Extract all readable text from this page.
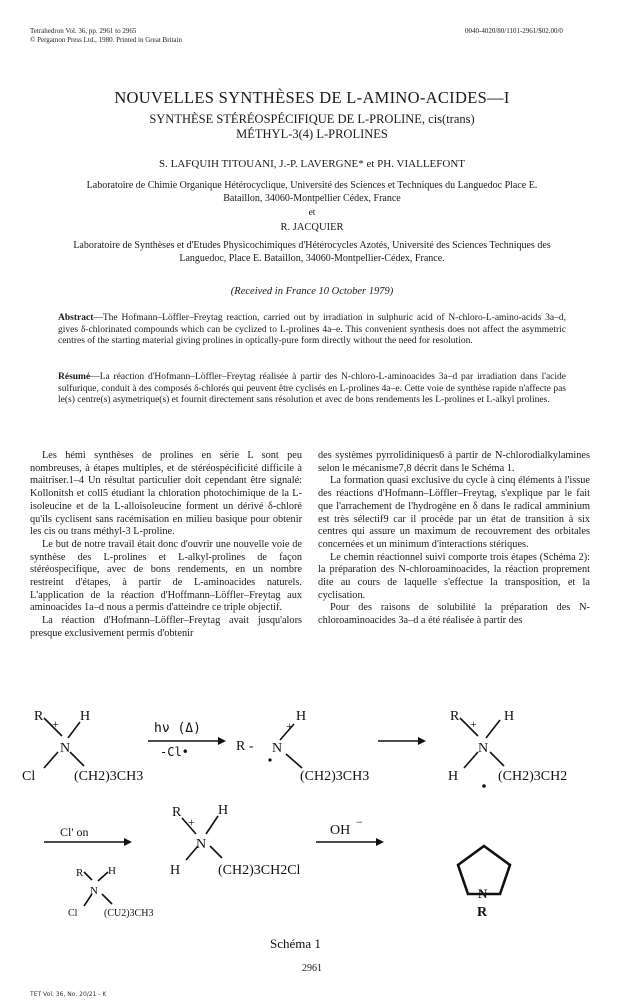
Tetrahedron Vol. 36, pp. 2961 to 2965
© Pergamon Press Ltd., 1980. Printed in Great Britain
0040-4020/80/1101-2961/$02.00/0
NOUVELLES SYNTHÈSES DE L-AMINO-ACIDES—I
SYNTHÈSE STÉRÉOSPÉCIFIQUE DE L-PROLINE, cis(trans)
MÉTHYL-3(4) L-PROLINES
S. LAFQUIH TITOUANI, J.-P. LAVERGNE* et PH. VIALLEFONT
Laboratoire de Chimie Organique Hétérocyclique, Université des Sciences et Techniques du Languedoc Place E. Bataillon, 34060-Montpellier Cédex, France
et
R. JACQUIER
Laboratoire de Synthèses et d'Etudes Physicochimiques d'Hétérocycles Azotés, Université des Sciences Techniques des Languedoc, Place E. Bataillon, 34060-Montpellier-Cédex, France.
(Received in France 10 October 1979)
Abstract—The Hofmann–Löffler–Freytag reaction, carried out by irradiation in sulphuric acid of N-chloro-L-amino-acids 3a–d, gives δ-chlorinated compounds which can be cyclized to L-prolines 4a–e. This convenient synthesis does not affect the asymmetric centres of the starting material giving prolines in optically-pure form directly without the need for resolution.
Résumé—La réaction d'Hofmann–Löffler–Freytag réalisée à partir des N-chloro-L-aminoacides 3a–d par irradiation dans l'acide sulfurique, conduit à des composés δ-chlorés qui peuvent être cyclisés en L-prolines 4a–e. Cette voie de synthèse rapide n'affecte pas le(s) centre(s) asymetrique(s) et fournit directement sans résolution et avec de bons rendements les L-prolines et L-alkyl prolines.

Les hémi synthèses de prolines en série L sont peu nombreuses, à étapes multiples, et de stéréospécificité difficile à maitriser.1–4 Un résultat particulier doit cependant être signalé: Kollonitsh et coll5 étudiant la chloration photochimique de la L-isoleucine et de la L-alloisoleucine forment un dérivé δ-chloré qu'ils cyclisent sans racémisation en milieu basique pour obtenir les cis ou trans méthyl-3 L-proline.

Le but de notre travail était donc d'ouvrir une nouvelle voie de synthèse des L-prolines et L-alkyl-prolines de façon stéréospecifique, avec de bons rendements, en un nombre restreint d'étapes, à partir de L-aminoacides naturels. L'application de la réaction d'Hoffmann–Löffler–Freytag aux aminoacides 1a–d nous a permis d'atteindre ce triple objectif.

La réaction d'Hofmann–Löffler–Freytag avait jusqu'alors presque exclusivement permis d'obtenir

des systèmes pyrrolidiniques6 à partir de N-chlorodialkylamines selon le mécanisme7,8 décrit dans le Schéma 1.

La formation quasi exclusive du cycle à cinq éléments à l'issue des réactions d'Hofmann–Löffler–Freytag, s'explique par le fait que l'arrachement de l'hydrogène en δ dans le radical amminium est très sélectif9 car il procède par un état de transition à six centres qui assure un maximum de recouvrement des orbitales concernées et un minimum d'interactions stériques.

Le chemin réactionnel suivi comporte trois étapes (Schéma 2): la préparation des N-chloroaminoacides, la réaction proprement dite au cours de laquelle s'effectue la transposition, et la cyclisation.

Pour des raisons de solubilité la préparation des N-chloroaminoacides 3a–d a été réalisée à partir des

R + H
N
Cl	(CH2)3CH3
hν (Δ)
-Cl•
H
+
R - N
(CH2)3CH3
R + H
N
H	(CH2)3CH2
Cl' on
R H
N
Cl	(CU2)3CH3
R
+
H
N
H	(CH2)3CH2Cl
OH
−
N
R
Schéma 1
2961
TET Vol. 36, No. 20/21 - K
